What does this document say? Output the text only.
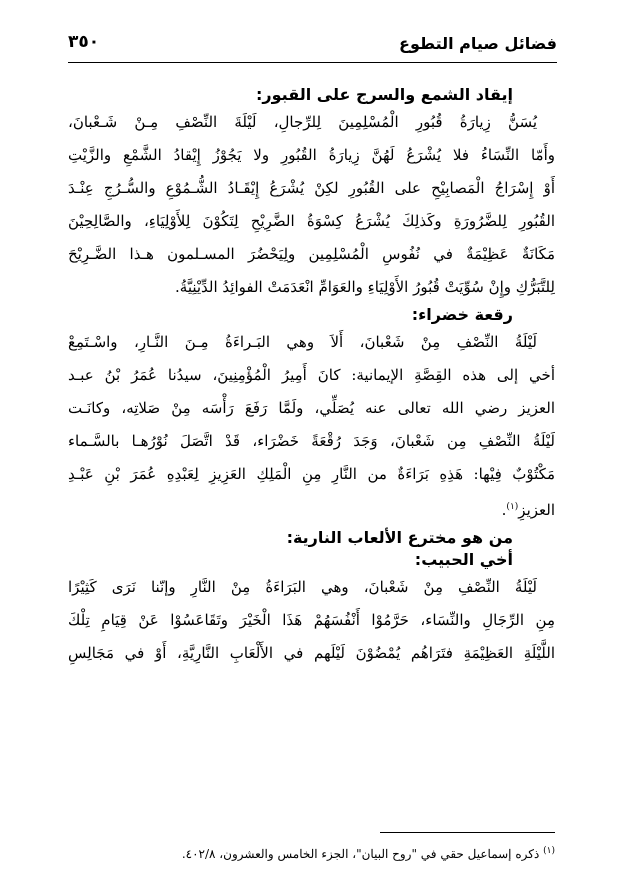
فضائل صيام التطوع
٣٥٠
إيقاد الشمع والسرج على القبور:

يُسَنُّ زِيارَةُ قُبُورِ الْمُسْلِمِينَ لِلرِّجالِ، لَيْلَةَ النِّصْفِ مِـنْ شَـعْبانَ،
وأَمّا النِّسَاءُ فلا يُشْرَعُ لَهُنَّ زِيارَةُ القُبُورِ ولا يَجُوْزُ إِيْقادُ الشَّمْعِ والزَّيْتِ
أَوْ إِسْرَاجُ الْمَصابِيْحِ على القُبُورِ لكِنْ يُشْرَعُ إِيْقَـادُ الشُّـمُوْعِ والسُّـرُجِ عِنْـدَ
القُبُورِ لِلضَّرُورَةِ وكَذلِكَ يُشْرَعُ كِسْوَةُ الضَّرِيْحِ لِتَكُوْنَ لِلأَوْلِيَاءِ، والصَّالِحِيْنَ
مَكَانَةٌ عَظِيْمَةٌ في نُفُوسِ الْمُسْلِمِين ولِيَحْضُرَ المسـلمون هـذا الضَّـرِيْحَ
لِلتَّبَرُّكِ وإِنْ سُوِّيَتْ قُبُورُ الأَوْلِيَاءِ والعَوَامِّ انْعَدَمَتْ الفوائِدُ الدِّيْنِيَّةُ.

رقعة خضراء:

لَيْلَةُ النِّصْفِ مِنْ شَعْبانَ، أَلاَ وهي البَـراءَةُ مِـنَ النَّـارِ، واسْـتَمِعْ
أخي إلى هذه القِصَّةِ الإيمانية: كانَ أَمِيرُ الْمُؤْمِنِينَ، سيدُنا عُمَرُ بْنُ عبـد
العزيز رضي الله تعالى عنه يُصَلِّي، ولَمَّا رَفَعَ رَأْسَه مِنْ صَلاتِه، وكانَـت
لَيْلَةُ النِّصْفِ مِن شَعْبانَ، وَجَدَ رُقْعَةً خَضْرَاء، قَدْ اتَّصَلَ نُوْرُهـا بالسَّـماء
مَكْتُوْبٌ فِيْها: هَذِهِ بَرَاءَةٌ من النَّارِ مِنِ الْمَلِكِ العَزِيزِ لِعَبْدِهِ عُمَرَ بْنِ عَبْـدِ
العزيزِ$^{(١)}$.

من هو مخترع الألعاب النارية:
أخي الحبيب:

لَيْلَةُ النِّصْفِ مِنْ شَعْبانَ، وهي البَرَاءَةُ مِنْ النَّارِ وإنّنا نَرَى كَثِيْرًا
مِنِ الرِّجَالِ والنِّسَاء، حَرَّمُوْا أَنْفُسَهُمْ هَذَا الْخَيْرَ وتَقَاعَسُوْا عَنْ قِيَامِ تِلْكَ
اللَّيْلَةِ العَظِيْمَةِ فتَرَاهُم يُمْضُوْنَ لَيْلَهم في الأَلْعَابِ النَّارِيَّةِ، أَوْ في مَجَالِسِ

$^{(١)}$ ذكره إسماعيل حقي في "روح البيان"، الجزء الخامس والعشرون، ٤٠٢/٨.
